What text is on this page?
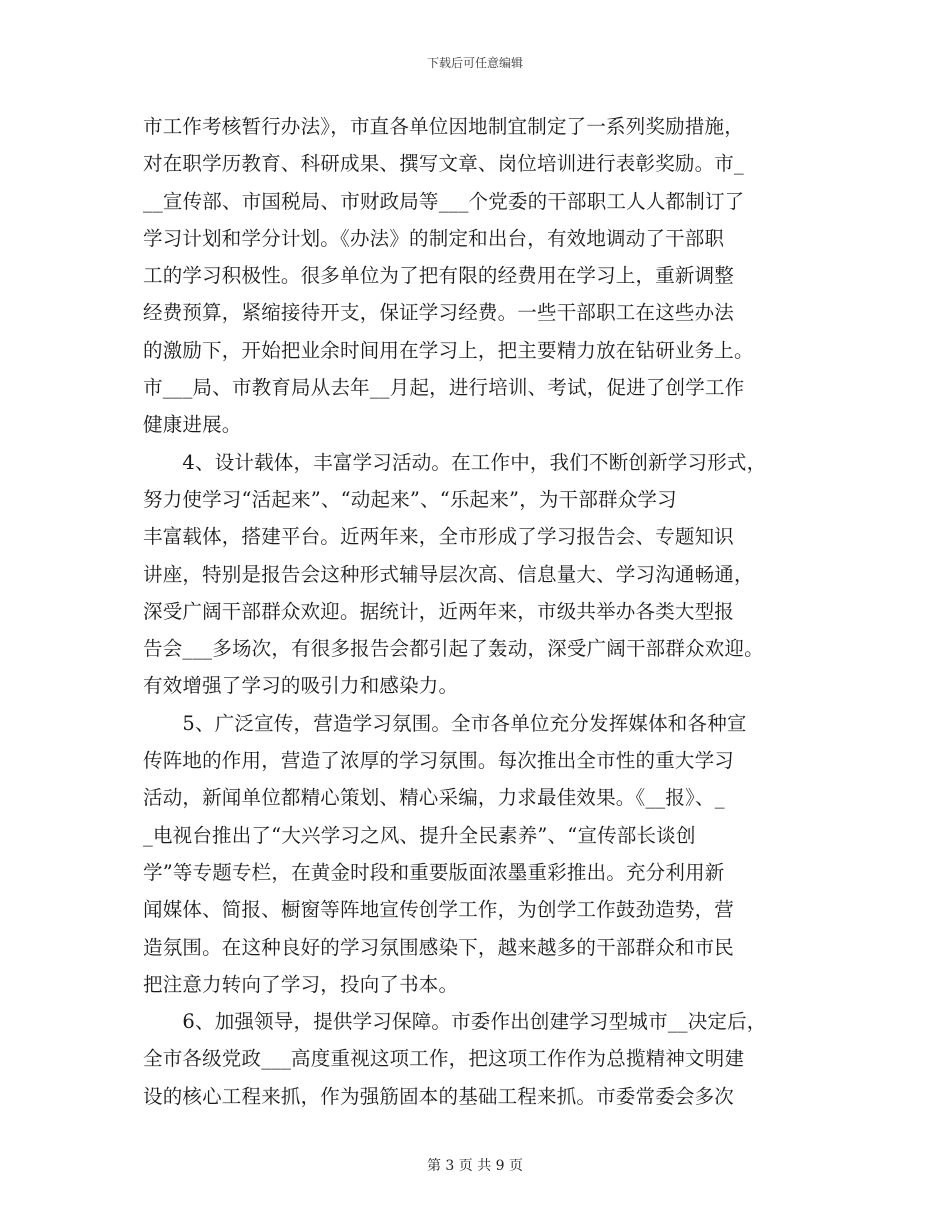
下载后可任意编辑
市工作考核暂行办法》，市直各单位因地制宜制定了一系列奖励措施，
对在职学历教育、科研成果、撰写文章、岗位培训进行表彰奖励。市_
__宣传部、市国税局、市财政局等___个党委的干部职工人人都制订了
学习计划和学分计划。《办法》的制定和出台，有效地调动了干部职
工的学习积极性。很多单位为了把有限的经费用在学习上，重新调整
经费预算，紧缩接待开支，保证学习经费。一些干部职工在这些办法
的激励下，开始把业余时间用在学习上，把主要精力放在钻研业务上。
市___局、市教育局从去年__月起，进行培训、考试，促进了创学工作
健康进展。
　　4、设计载体，丰富学习活动。在工作中，我们不断创新学习形式，
努力使学习“活起来”、“动起来”、“乐起来”，为干部群众学习
丰富载体，搭建平台。近两年来，全市形成了学习报告会、专题知识
讲座，特别是报告会这种形式辅导层次高、信息量大、学习沟通畅通，
深受广阔干部群众欢迎。据统计，近两年来，市级共举办各类大型报
告会___多场次，有很多报告会都引起了轰动，深受广阔干部群众欢迎。
有效增强了学习的吸引力和感染力。
　　5、广泛宣传，营造学习氛围。全市各单位充分发挥媒体和各种宣
传阵地的作用，营造了浓厚的学习氛围。每次推出全市性的重大学习
活动，新闻单位都精心策划、精心采编，力求最佳效果。《__报》、_
_电视台推出了“大兴学习之风、提升全民素养”、“宣传部长谈创
学”等专题专栏，在黄金时段和重要版面浓墨重彩推出。充分利用新
闻媒体、简报、橱窗等阵地宣传创学工作，为创学工作鼓劲造势，营
造氛围。在这种良好的学习氛围感染下，越来越多的干部群众和市民
把注意力转向了学习，投向了书本。
　　6、加强领导，提供学习保障。市委作出创建学习型城市__决定后，
全市各级党政___高度重视这项工作，把这项工作作为总揽精神文明建
设的核心工程来抓，作为强筋固本的基础工程来抓。市委常委会多次
第 3 页 共 9 页
